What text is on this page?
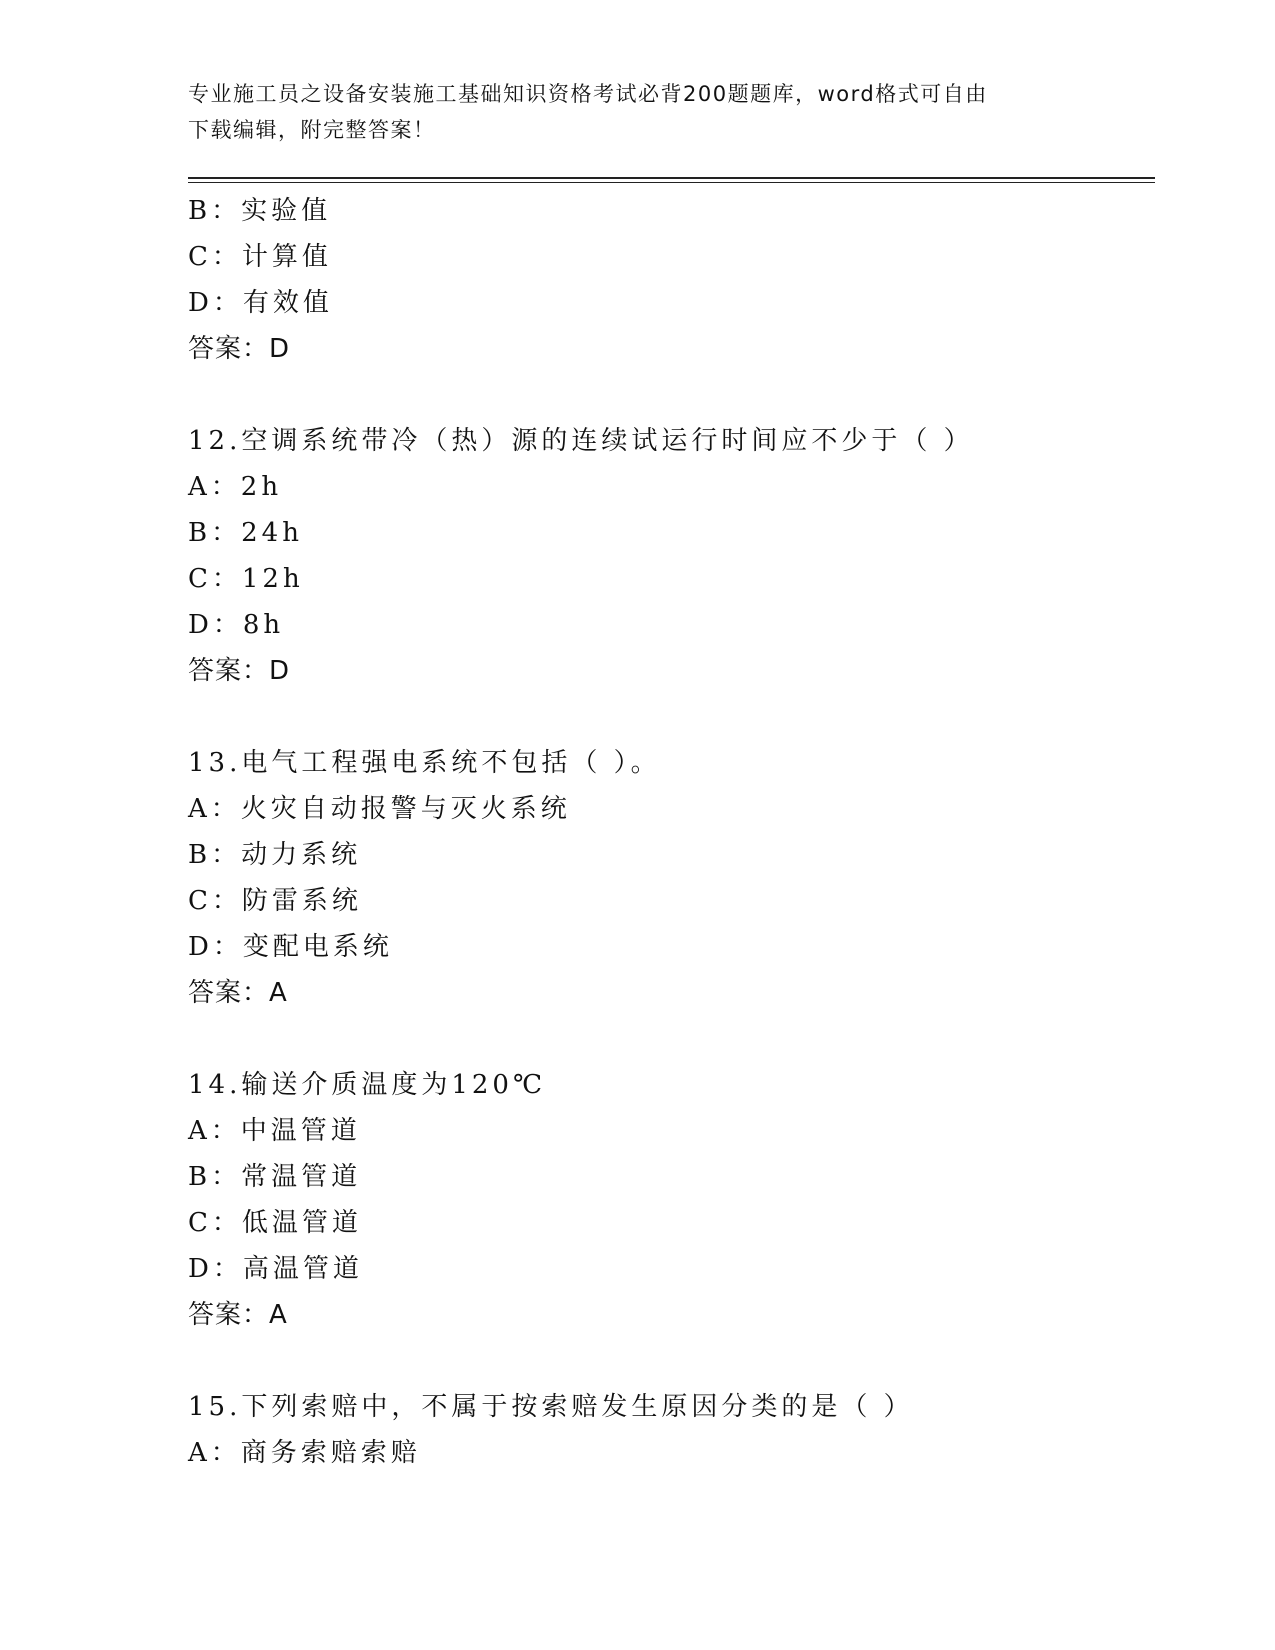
专业施工员之设备安装施工基础知识资格考试必背200题题库，word格式可自由
下载编辑，附完整答案！
B：实验值
C：计算值
D：有效值
答案：D
12.空调系统带冷（热）源的连续试运行时间应不少于（ ）
A：2h
B：24h
C：12h
D：8h
答案：D
13.电气工程强电系统不包括（ ）。
A：火灾自动报警与灭火系统
B：动力系统
C：防雷系统
D：变配电系统
答案：A
14.输送介质温度为120℃
A：中温管道
B：常温管道
C：低温管道
D：高温管道
答案：A
15.下列索赔中，不属于按索赔发生原因分类的是（ ）
A：商务索赔索赔
